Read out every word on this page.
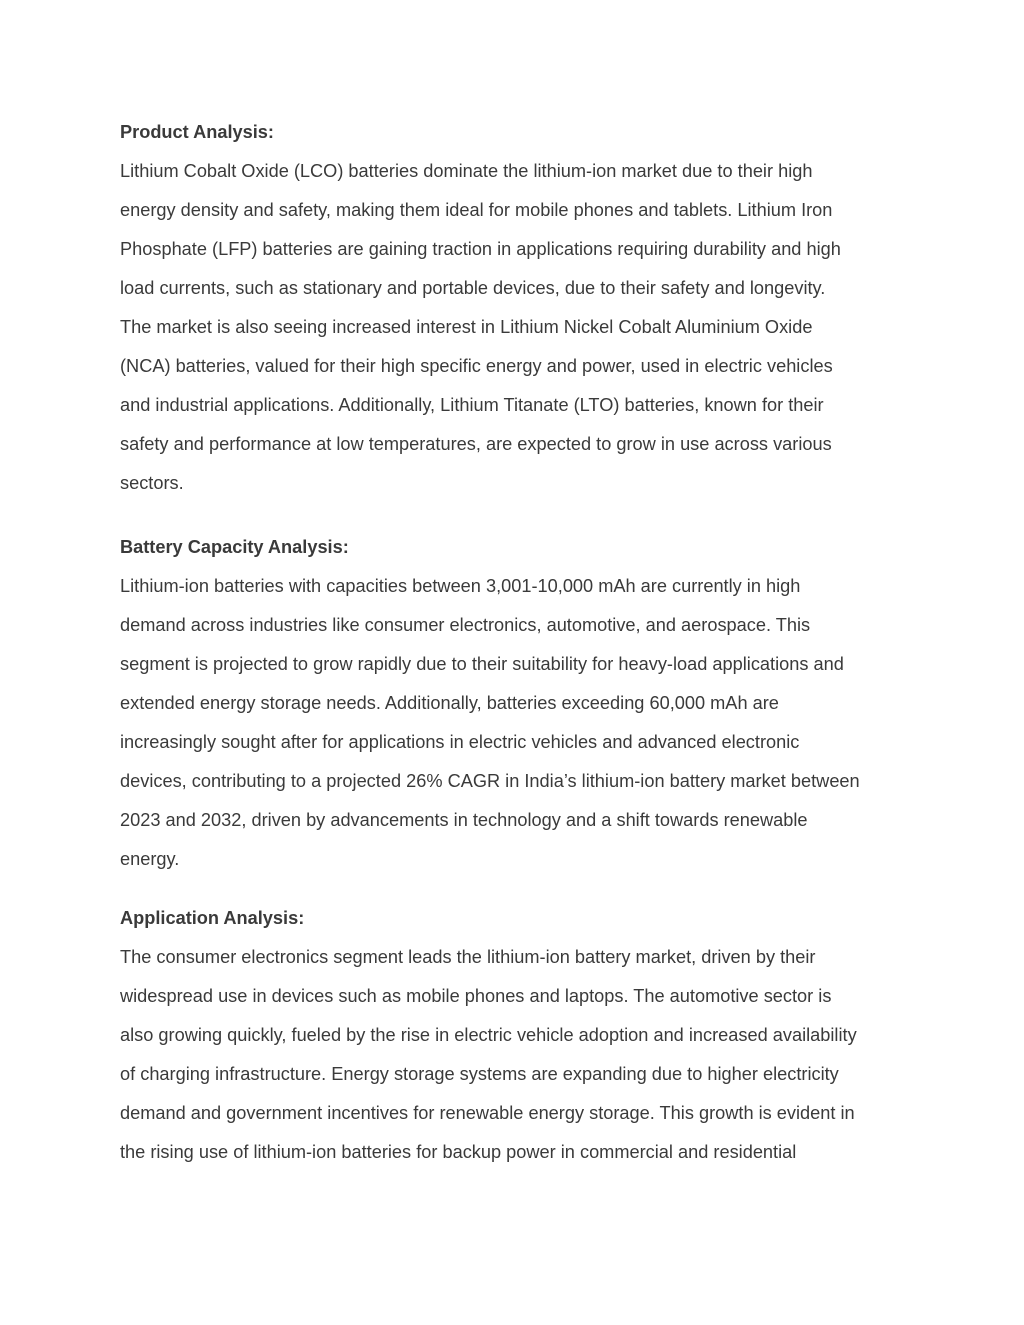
Product Analysis:

Lithium Cobalt Oxide (LCO) batteries dominate the lithium-ion market due to their high
energy density and safety, making them ideal for mobile phones and tablets. Lithium Iron
Phosphate (LFP) batteries are gaining traction in applications requiring durability and high
load currents, such as stationary and portable devices, due to their safety and longevity.
The market is also seeing increased interest in Lithium Nickel Cobalt Aluminium Oxide
(NCA) batteries, valued for their high specific energy and power, used in electric vehicles
and industrial applications. Additionally, Lithium Titanate (LTO) batteries, known for their
safety and performance at low temperatures, are expected to grow in use across various
sectors.

Battery Capacity Analysis:

Lithium-ion batteries with capacities between 3,001-10,000 mAh are currently in high
demand across industries like consumer electronics, automotive, and aerospace. This
segment is projected to grow rapidly due to their suitability for heavy-load applications and
extended energy storage needs. Additionally, batteries exceeding 60,000 mAh are
increasingly sought after for applications in electric vehicles and advanced electronic
devices, contributing to a projected 26% CAGR in India’s lithium-ion battery market between
2023 and 2032, driven by advancements in technology and a shift towards renewable
energy.

Application Analysis:

The consumer electronics segment leads the lithium-ion battery market, driven by their
widespread use in devices such as mobile phones and laptops. The automotive sector is
also growing quickly, fueled by the rise in electric vehicle adoption and increased availability
of charging infrastructure. Energy storage systems are expanding due to higher electricity
demand and government incentives for renewable energy storage. This growth is evident in
the rising use of lithium-ion batteries for backup power in commercial and residential
